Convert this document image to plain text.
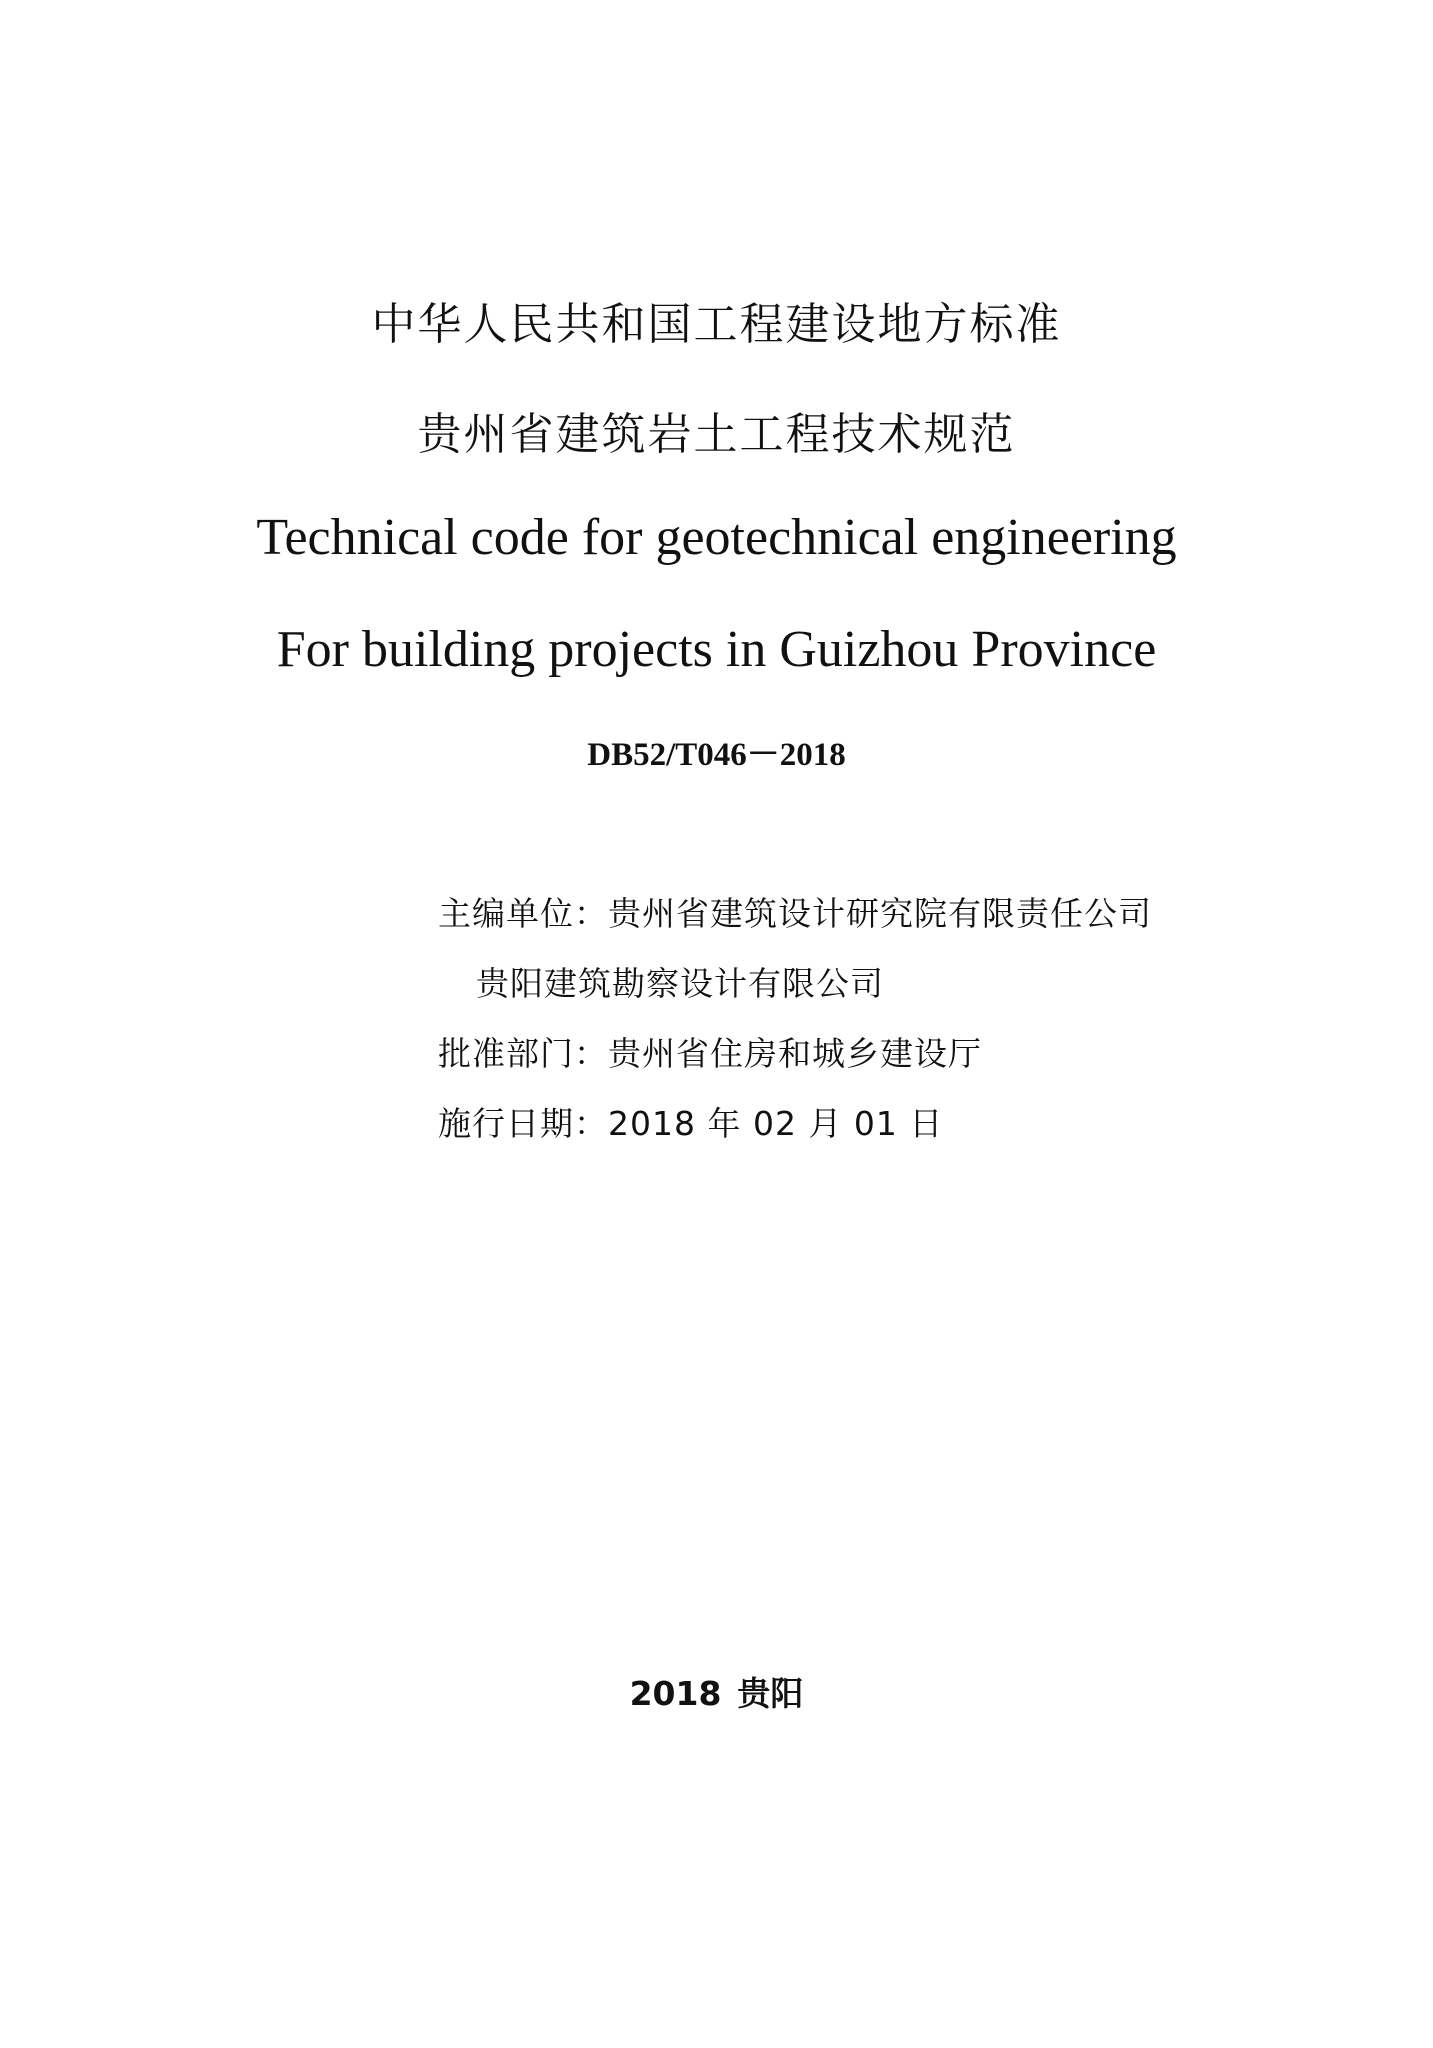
中华人民共和国工程建设地方标准
贵州省建筑岩土工程技术规范
Technical code for geotechnical engineering
For building projects in Guizhou Province
DB52/T046－2018
主编单位：贵州省建筑设计研究院有限责任公司
贵阳建筑勘察设计有限公司
批准部门：贵州省住房和城乡建设厅
施行日期：2018 年 02 月 01 日
2018 贵阳
